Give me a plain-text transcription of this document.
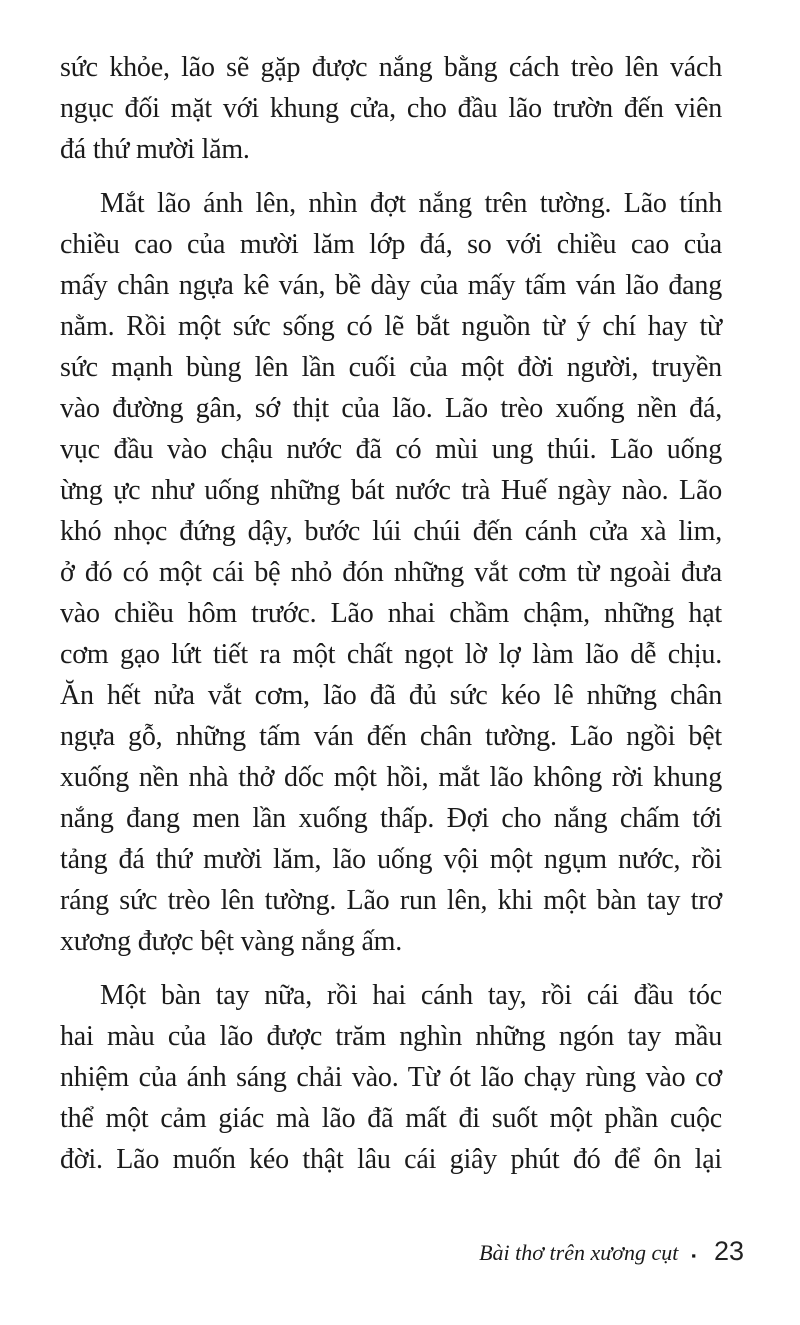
sức khỏe, lão sẽ gặp được nắng bằng cách trèo lên vách
ngục đối mặt với khung cửa, cho đầu lão trườn đến viên
đá thứ mười lăm.
Mắt lão ánh lên, nhìn đợt nắng trên tường. Lão tính
chiều cao của mười lăm lớp đá, so với chiều cao của
mấy chân ngựa kê ván, bề dày của mấy tấm ván lão đang
nằm. Rồi một sức sống có lẽ bắt nguồn từ ý chí hay từ
sức mạnh bùng lên lần cuối của một đời người, truyền
vào đường gân, sớ thịt của lão. Lão trèo xuống nền đá,
vục đầu vào chậu nước đã có mùi ung thúi. Lão uống
ừng ực như uống những bát nước trà Huế ngày nào. Lão
khó nhọc đứng dậy, bước lúi chúi đến cánh cửa xà lim,
ở đó có một cái bệ nhỏ đón những vắt cơm từ ngoài đưa
vào chiều hôm trước. Lão nhai chầm chậm, những hạt
cơm gạo lứt tiết ra một chất ngọt lờ lợ làm lão dễ chịu.
Ăn hết nửa vắt cơm, lão đã đủ sức kéo lê những chân
ngựa gỗ, những tấm ván đến chân tường. Lão ngồi bệt
xuống nền nhà thở dốc một hồi, mắt lão không rời khung
nắng đang men lần xuống thấp. Đợi cho nắng chấm tới
tảng đá thứ mười lăm, lão uống vội một ngụm nước, rồi
ráng sức trèo lên tường. Lão run lên, khi một bàn tay trơ
xương được bệt vàng nắng ấm.
Một bàn tay nữa, rồi hai cánh tay, rồi cái đầu tóc
hai màu của lão được trăm nghìn những ngón tay mầu
nhiệm của ánh sáng chải vào. Từ ót lão chạy rùng vào cơ
thể một cảm giác mà lão đã mất đi suốt một phần cuộc
đời. Lão muốn kéo thật lâu cái giây phút đó để ôn lại
Bài thơ trên xương cụt ▪ 23
